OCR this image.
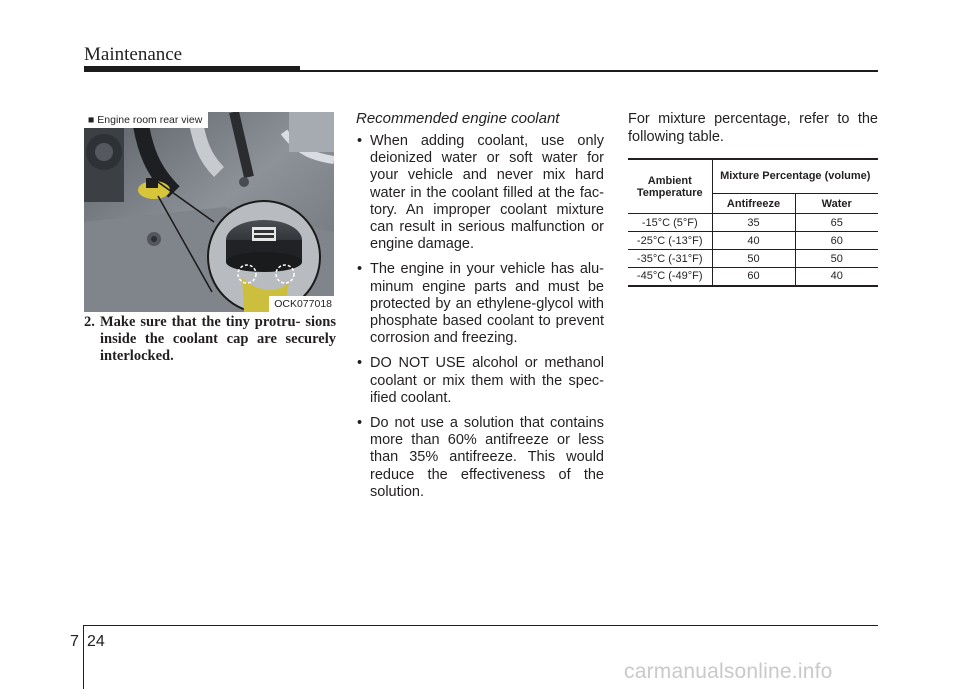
Maintenance
■ Engine room rear view
OCK077018
2. Make sure that the tiny protru- sions inside the coolant cap are securely interlocked.
Recommended engine coolant
• When adding coolant, use only deionized water or soft water for your vehicle and never mix hard water in the coolant filled at the fac- tory. An improper coolant mixture can result in serious malfunction or engine damage.
• The engine in your vehicle has alu- minum engine parts and must be protected by an ethylene-glycol with phosphate based coolant to prevent corrosion and freezing.
• DO NOT USE alcohol or methanol coolant or mix them with the spec- ified coolant.
• Do not use a solution that contains more than 60% antifreeze or less than 35% antifreeze. This would reduce the effectiveness of the solution.
For mixture percentage, refer to the following table.
Ambient Temperature	Mixture Percentage (volume)	
	Antifreeze	Water
-15°C (5°F)	35	65
-25°C (-13°F)	40	60
-35°C (-31°F)	50	50
-45°C (-49°F)	60	40
7 24
carmanualsonline.info
